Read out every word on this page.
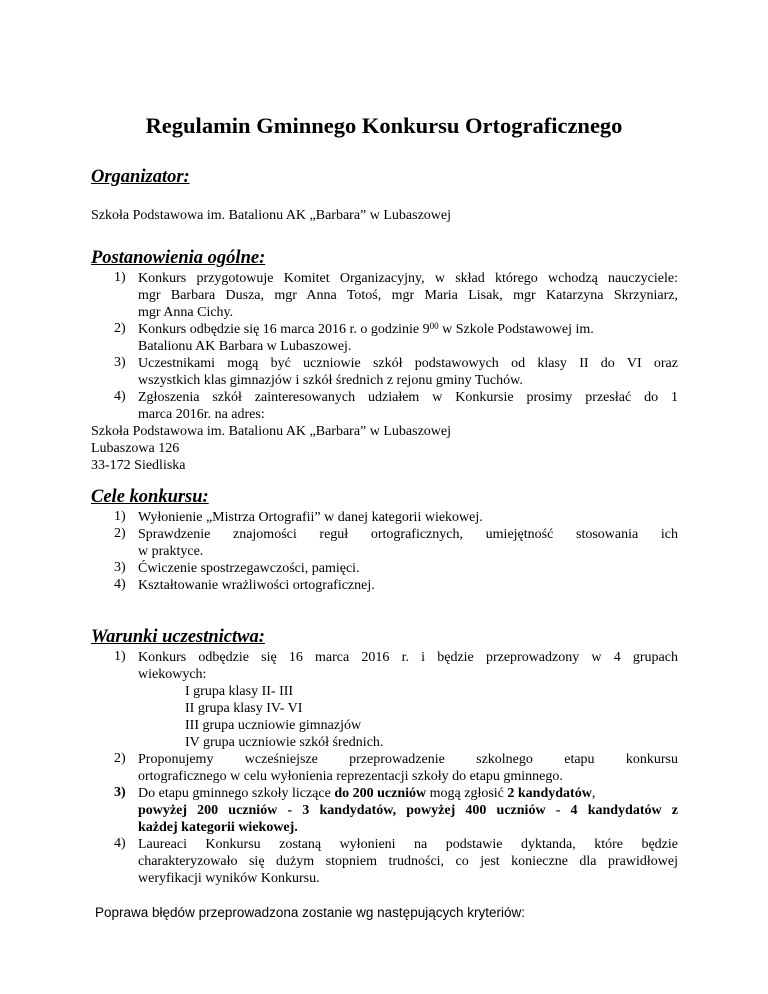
Regulamin Gminnego Konkursu Ortograficznego
Organizator:
Szkoła Podstawowa im. Batalionu AK „Barbara” w Lubaszowej
Postanowienia ogólne:
1) Konkurs przygotowuje Komitet Organizacyjny, w skład którego wchodzą nauczyciele:
mgr Barbara Dusza, mgr Anna Totoś, mgr Maria Lisak, mgr Katarzyna Skrzyniarz,
mgr Anna Cichy.
2) Konkurs odbędzie się 16 marca 2016 r. o godzinie $9^{00}$ w Szkole Podstawowej im.
Batalionu AK Barbara w Lubaszowej.
3) Uczestnikami mogą być uczniowie szkół podstawowych od klasy II do VI oraz
wszystkich klas gimnazjów i szkół średnich z rejonu gminy Tuchów.
4) Zgłoszenia szkół zainteresowanych udziałem w Konkursie prosimy przesłać do 1
marca 2016r. na adres:
Szkoła Podstawowa im. Batalionu AK „Barbara” w Lubaszowej
Lubaszowa 126
33-172 Siedliska
Cele konkursu:
1) Wyłonienie „Mistrza Ortografii” w danej kategorii wiekowej.
2) Sprawdzenie znajomości reguł ortograficznych, umiejętność stosowania ich
w praktyce.
3) Ćwiczenie spostrzegawczości, pamięci.
4) Kształtowanie wrażliwości ortograficznej.
Warunki uczestnictwa:
1) Konkurs odbędzie się 16 marca 2016 r. i będzie przeprowadzony w 4 grupach
wiekowych:
I grupa klasy II- III
II grupa klasy IV- VI
III grupa uczniowie gimnazjów
IV grupa uczniowie szkół średnich.
2) Proponujemy wcześniejsze przeprowadzenie szkolnego etapu konkursu
ortograficznego w celu wyłonienia reprezentacji szkoły do etapu gminnego.
3) Do etapu gminnego szkoły liczące do 200 uczniów mogą zgłosić 2 kandydatów,
powyżej 200 uczniów - 3 kandydatów, powyżej 400 uczniów - 4 kandydatów z
każdej kategorii wiekowej.
4) Laureaci Konkursu zostaną wyłonieni na podstawie dyktanda, które będzie
charakteryzowało się dużym stopniem trudności, co jest konieczne dla prawidłowej
weryfikacji wyników Konkursu.
Poprawa błędów przeprowadzona zostanie wg następujących kryteriów:
